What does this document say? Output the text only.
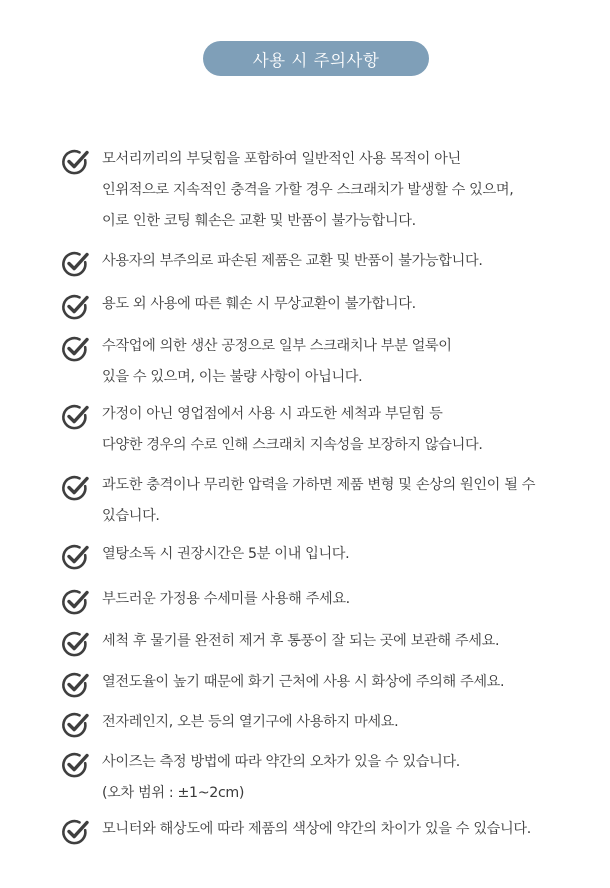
사용 시 주의사항
모서리끼리의 부딪힘을 포함하여 일반적인 사용 목적이 아닌
인위적으로 지속적인 충격을 가할 경우 스크래치가 발생할 수 있으며,
이로 인한 코팅 훼손은 교환 및 반품이 불가능합니다.
사용자의 부주의로 파손된 제품은 교환 및 반품이 불가능합니다.
용도 외 사용에 따른 훼손 시 무상교환이 불가합니다.
수작업에 의한 생산 공정으로 일부 스크래치나 부분 얼룩이
있을 수 있으며, 이는 불량 사항이 아닙니다.
가정이 아닌 영업점에서 사용 시 과도한 세척과 부딛힘 등
다양한 경우의 수로 인해 스크래치 지속성을 보장하지 않습니다.
과도한 충격이나 무리한 압력을 가하면 제품 변형 및 손상의 원인이 될 수
있습니다.
열탕소독 시 권장시간은 5분 이내 입니다.
부드러운 가정용 수세미를 사용해 주세요.
세척 후 물기를 완전히 제거 후 통풍이 잘 되는 곳에 보관해 주세요.
열전도율이 높기 때문에 화기 근처에 사용 시 화상에 주의해 주세요.
전자레인지, 오븐 등의 열기구에 사용하지 마세요.
사이즈는 측정 방법에 따라 약간의 오차가 있을 수 있습니다.
(오차 범위 : ±1~2cm)
모니터와 해상도에 따라 제품의 색상에 약간의 차이가 있을 수 있습니다.
